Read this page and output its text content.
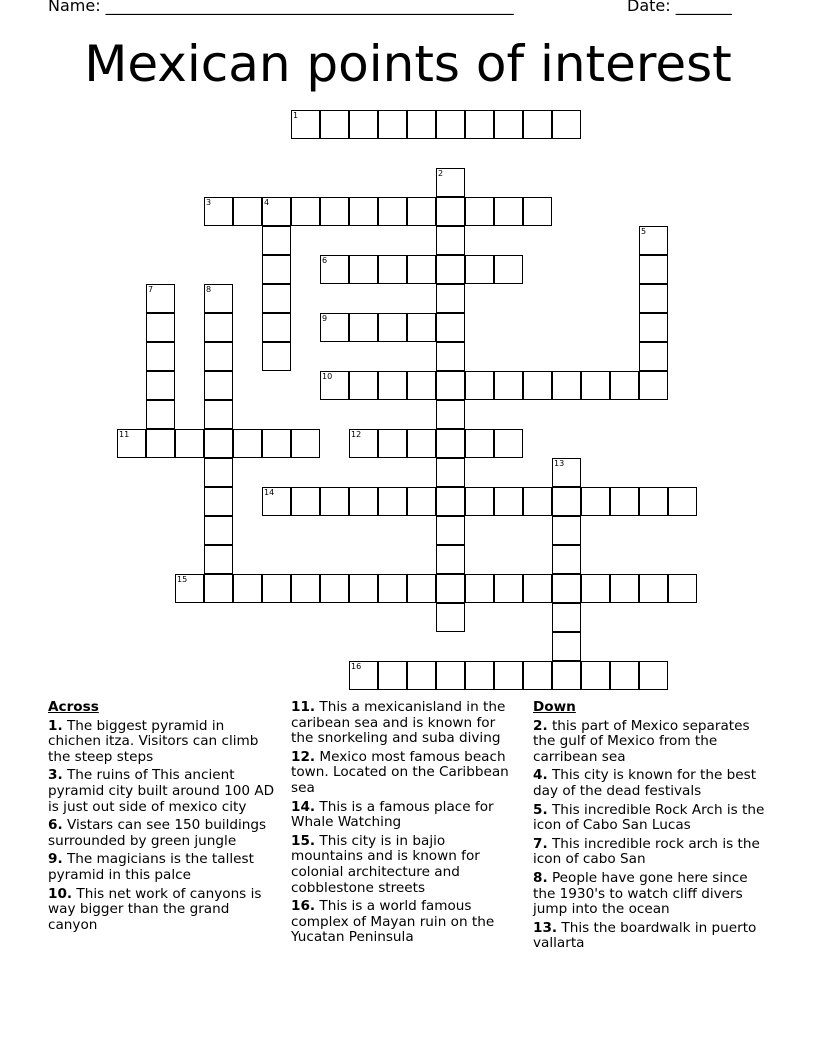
Name: ___________________________________________________	Date: _______
Mexican points of interest
1
2
3	4
5
6
7	8
9
10
11	12
13
14
15
16
Across
1. The biggest pyramid in chichen itza. Visitors can climb the steep steps
3. The ruins of This ancient pyramid city built around 100 AD is just out side of mexico city
6. Vistars can see 150 buildings surrounded by green jungle
9. The magicians is the tallest pyramid in this palce
10. This net work of canyons is way bigger than the grand canyon
11. This a mexicanisland in the caribean sea and is known for the snorkeling and suba diving
12. Mexico most famous beach town. Located on the Caribbean sea
14. This is a famous place for Whale Watching
15. This city is in bajio mountains and is known for colonial architecture and cobblestone streets
16. This is a world famous complex of Mayan ruin on the Yucatan Peninsula
Down
2. this part of Mexico separates the gulf of Mexico from the carribean sea
4. This city is known for the best day of the dead festivals
5. This incredible Rock Arch is the icon of Cabo San Lucas
7. This incredible rock arch is the icon of cabo San
8. People have gone here since the 1930's to watch cliff divers jump into the ocean
13. This the boardwalk in puerto vallarta
